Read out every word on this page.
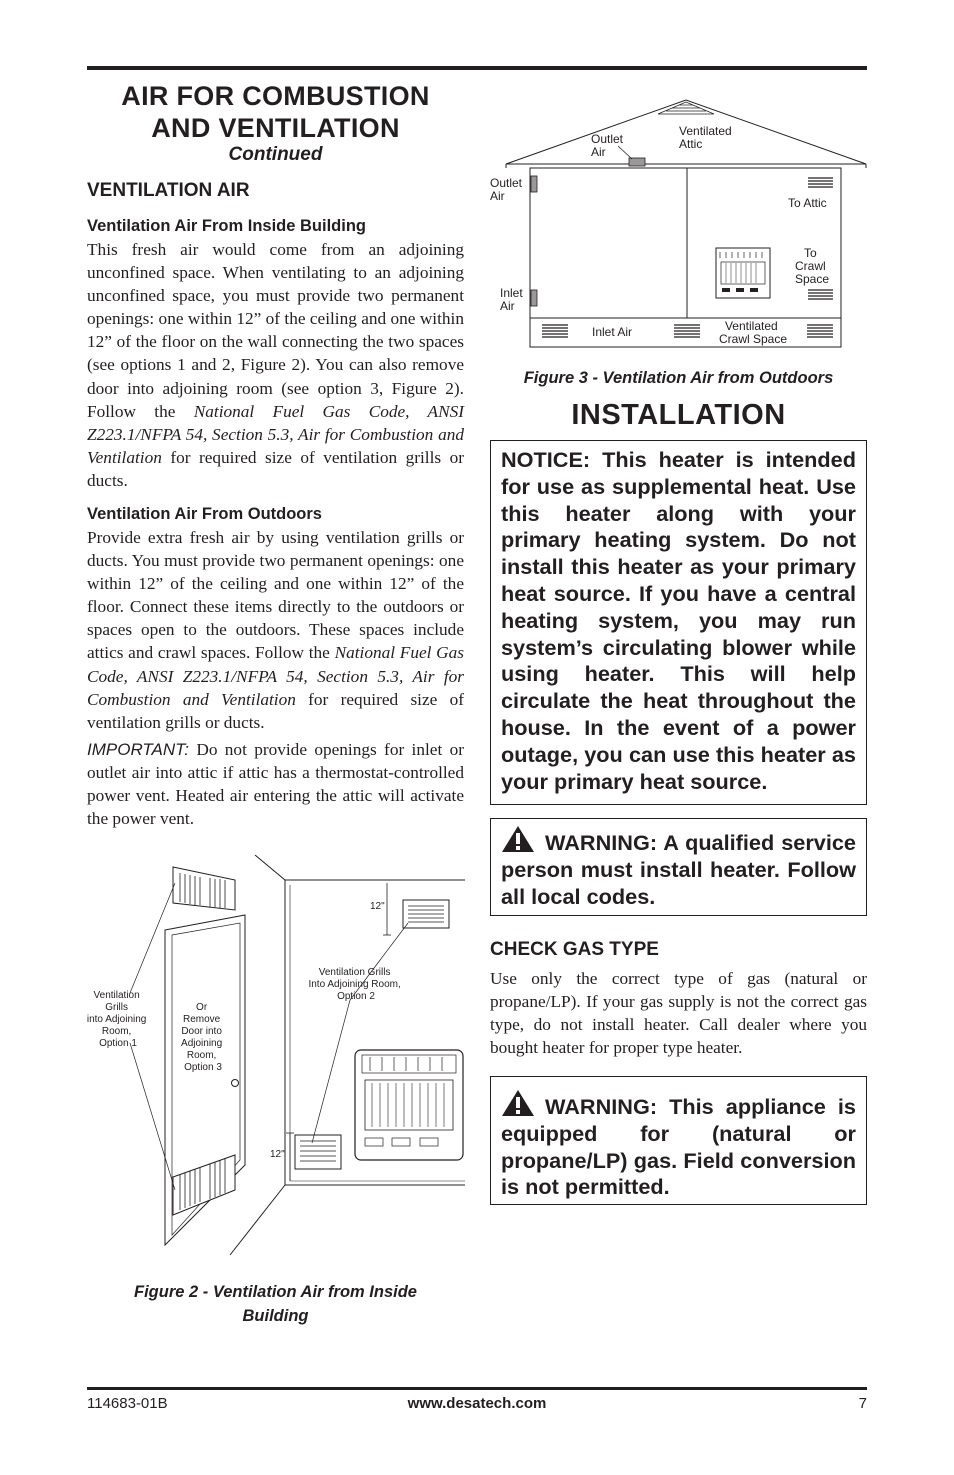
AIR FOR COMBUSTION

AND VENTILATION

Continued

VENTILATION AIR

Ventilation Air From Inside Building

This fresh air would come from an adjoining unconfined space. When ventilating to an adjoining unconfined space, you must provide two permanent openings: one within 12” of the ceiling and one within 12” of the floor on the wall connecting the two spaces (see options 1 and 2, Figure 2). You can also remove door into adjoining room (see option 3, Figure 2). Follow the National Fuel Gas Code, ANSI Z223.1/NFPA 54, Section 5.3, Air for Combustion and Ventilation for required size of ventilation grills or ducts.

Ventilation Air From Outdoors

Provide extra fresh air by using ventilation grills or ducts. You must provide two permanent openings: one within 12” of the ceiling and one within 12” of the floor. Connect these items directly to the outdoors or spaces open to the outdoors. These spaces include attics and crawl spaces. Follow the National Fuel Gas Code, ANSI Z223.1/NFPA 54, Section 5.3, Air for Combustion and Ventilation for required size of ventilation grills or ducts.

IMPORTANT: Do not provide openings for inlet or outlet air into attic if attic has a thermostat-controlled power vent. Heated air entering the attic will activate the power vent.

12"
12"
Ventilation Grills into Adjoining Room, Option 1
Or Remove Door into Adjoining Room, Option 3
Ventilation Grills Into Adjoining Room, Option 2

Figure 2 - Ventilation Air from Inside

Building

Outlet Air
Ventilated Attic
Outlet Air	To Attic
To Crawl Space
Inlet Air
Inlet Air	Ventilated Crawl Space

Figure 3 - Ventilation Air from Outdoors

INSTALLATION

NOTICE: This heater is intended for use as supplemental heat. Use this heater along with your primary heating system. Do not install this heater as your primary heat source. If you have a central heating system, you may run system’s circulating blower while using heater. This will help circulate the heat throughout the house. In the event of a power outage, you can use this heater as your primary heat source.

WARNING: A qualified service person must install heater. Follow all local codes.

CHECK GAS TYPE

Use only the correct type of gas (natural or propane/LP). If your gas supply is not the correct gas type, do not install heater. Call dealer where you bought heater for proper type heater.

WARNING: This appliance is equipped for (natural or propane/LP) gas. Field conversion is not permitted.

114683-01B	www.desatech.com	7
